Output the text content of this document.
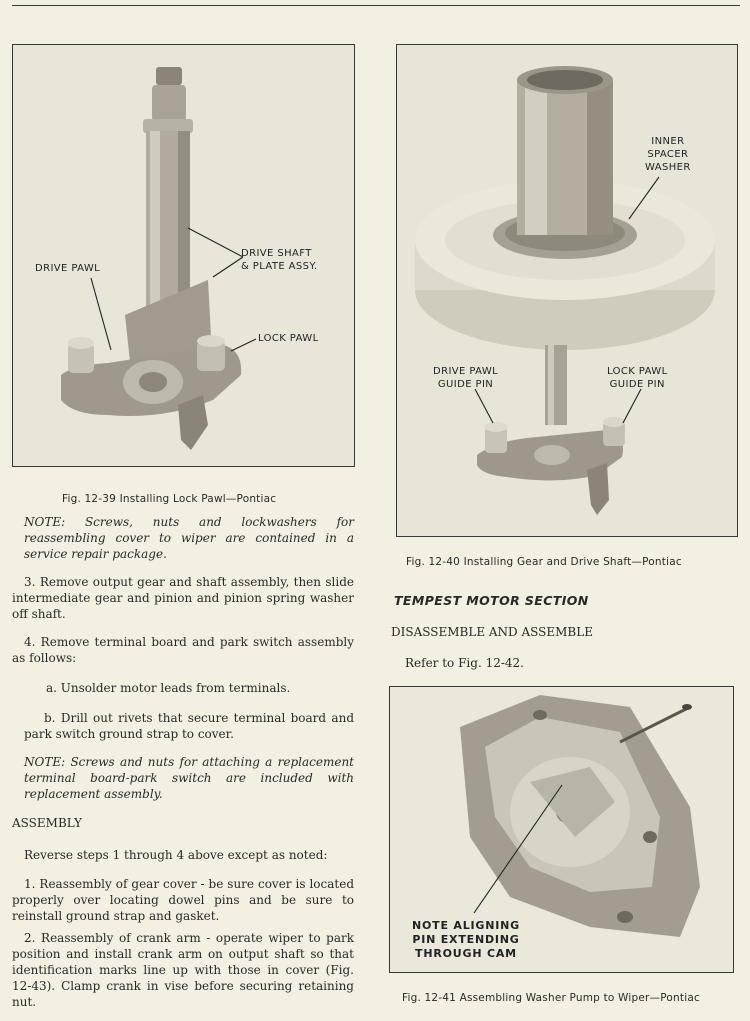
DRIVE PAWL
DRIVE SHAFT
& PLATE ASSY.
LOCK PAWL
Fig. 12-39 Installing Lock Pawl—Pontiac
INNER
SPACER
WASHER
DRIVE PAWL
GUIDE PIN
LOCK PAWL
GUIDE PIN
Fig. 12-40 Installing Gear and Drive Shaft—Pontiac
NOTE: Screws, nuts and lockwashers for reassembling cover to wiper are contained in a service repair package.
3. Remove output gear and shaft assembly, then slide intermediate gear and pinion and pinion spring washer off shaft.
4. Remove terminal board and park switch assembly as follows:
a. Unsolder motor leads from terminals.
b. Drill out rivets that secure terminal board and park switch ground strap to cover.
NOTE: Screws and nuts for attaching a replacement terminal board-park switch are included with replacement assembly.
ASSEMBLY
Reverse steps 1 through 4 above except as noted:
1. Reassembly of gear cover - be sure cover is located properly over locating dowel pins and be sure to reinstall ground strap and gasket.
2. Reassembly of crank arm - operate wiper to park position and install crank arm on output shaft so that identification marks line up with those in cover (Fig. 12-43). Clamp crank in vise before securing retaining nut.
TEMPEST MOTOR SECTION
DISASSEMBLE AND ASSEMBLE
Refer to Fig. 12-42.
NOTE ALIGNING
PIN EXTENDING
THROUGH CAM
Fig. 12-41 Assembling Washer Pump to Wiper—Pontiac
